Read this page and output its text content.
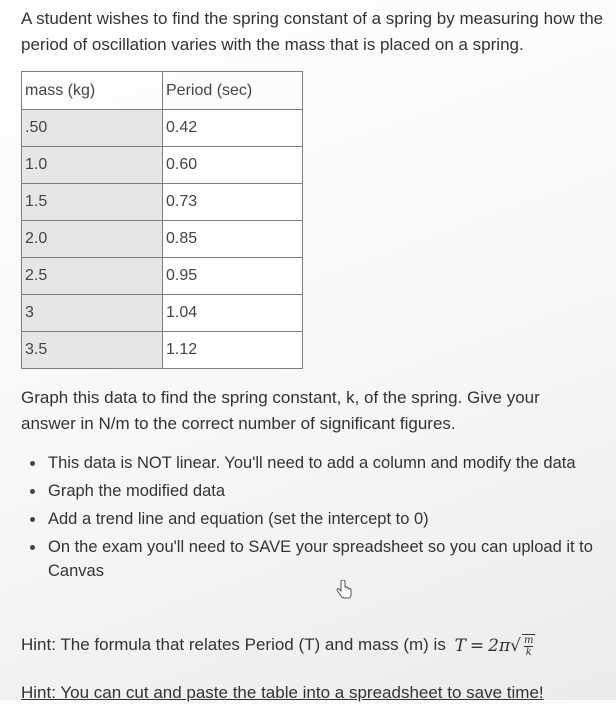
A student wishes to find the spring constant of a spring by measuring how the period of oscillation varies with the mass that is placed on a spring.
mass (kg)	Period (sec)
.50	0.42
1.0	0.60
1.5	0.73
2.0	0.85
2.5	0.95
3	1.04
3.5	1.12
Graph this data to find the spring constant, k, of the spring. Give your answer in N/m to the correct number of significant figures.
This data is NOT linear. You'll need to add a column and modify the data
Graph the modified data
Add a trend line and equation (set the intercept to 0)
On the exam you'll need to SAVE your spreadsheet so you can upload it to Canvas
Hint: The formula that relates Period (T) and mass (m) is $T = 2\pi√ \frac{m}{k}$
Hint: You can cut and paste the table into a spreadsheet to save time!
